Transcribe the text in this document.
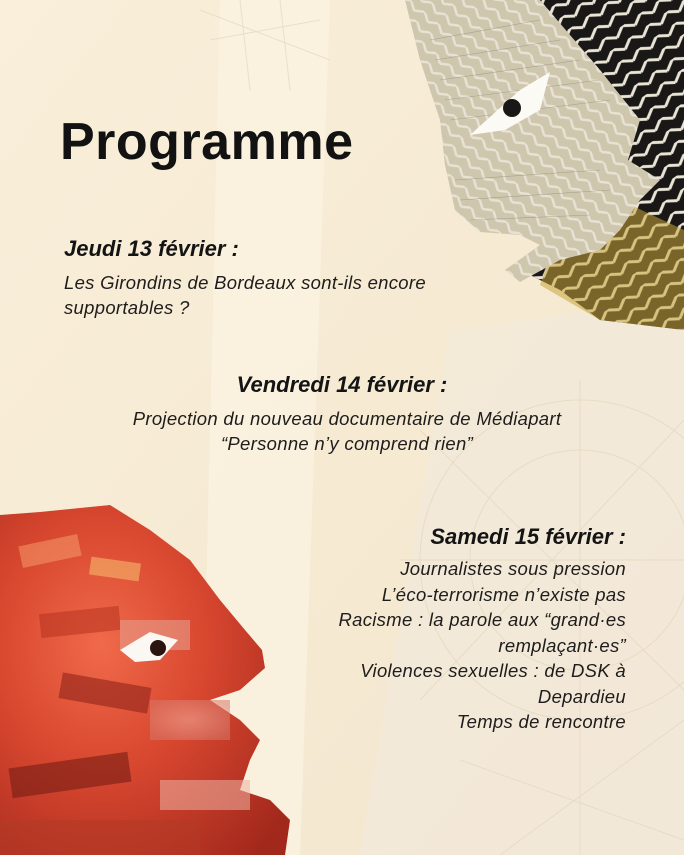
Programme
Jeudi 13 février :

Les Girondins de Bordeaux sont-ils encore
supportables ?

Vendredi 14 février :

Projection du nouveau documentaire de Médiapart
“Personne n’y comprend rien”

Samedi 15 février :
Journalistes sous pression
L’éco-terrorisme n’existe pas
Racisme : la parole aux “grand·es
remplaçant·es”
Violences sexuelles : de DSK à
Depardieu
Temps de rencontre
